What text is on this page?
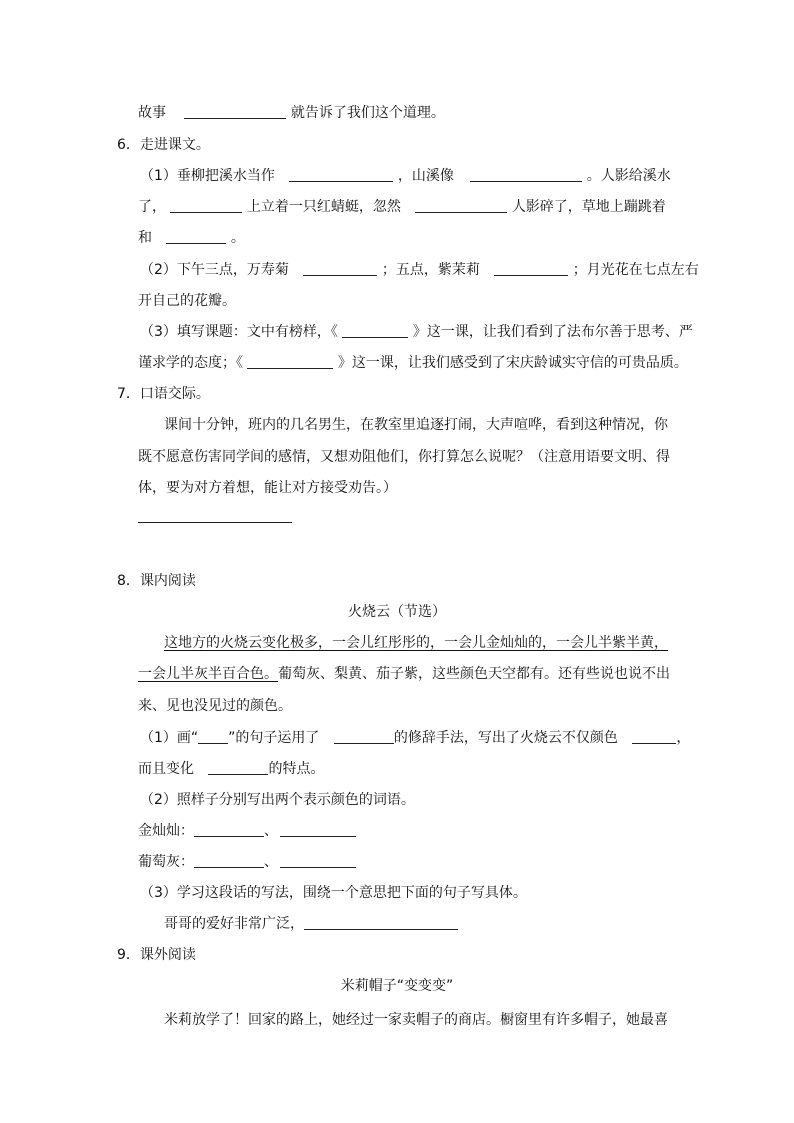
故事	就告诉了我们这个道理。
6．走进课文。
（1）垂柳把溪水当作	，山溪像	。人影给溪水
了，	上立着一只红蜻蜓，忽然	人影碎了，草地上蹦跳着
和	。
（2）下午三点，万寿菊	；五点，紫茉莉	；月光花在七点左右
开自己的花瓣。
（3）填写课题：文中有榜样，《	》这一课，让我们看到了法布尔善于思考、严
谨求学的态度；《	》这一课，让我们感受到了宋庆龄诚实守信的可贵品质。
7．口语交际。
课间十分钟，班内的几名男生，在教室里追逐打闹，大声喧哗，看到这种情况，你
既不愿意伤害同学间的感情，又想劝阻他们，你打算怎么说呢？（注意用语要文明、得
体，要为对方着想，能让对方接受劝告。）
8．课内阅读
火烧云（节选）
这地方的火烧云变化极多，一会儿红彤彤的，一会儿金灿灿的，一会儿半紫半黄，
一会儿半灰半百合色。葡萄灰、梨黄、茄子紫，这些颜色天空都有。还有些说也说不出
来、见也没见过的颜色。
（1）画“ ”的句子运用了	的修辞手法，写出了火烧云不仅颜色	，
而且变化	的特点。
（2）照样子分别写出两个表示颜色的词语。
金灿灿：	、
葡萄灰：	、
（3）学习这段话的写法，围绕一个意思把下面的句子写具体。
哥哥的爱好非常广泛，
9．课外阅读
米莉帽子“变变变”
米莉放学了！回家的路上，她经过一家卖帽子的商店。橱窗里有许多帽子，她最喜
